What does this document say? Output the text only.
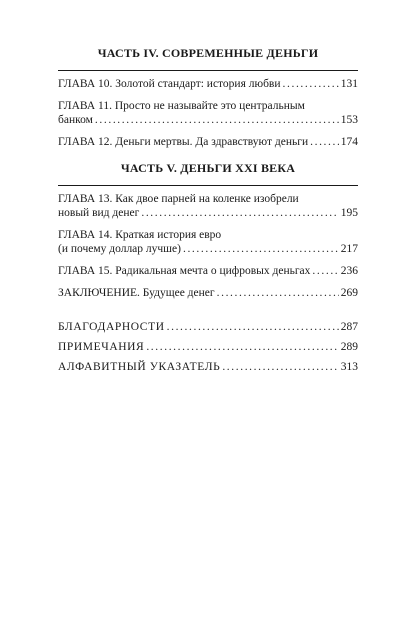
ЧАСТЬ IV. СОВРЕМЕННЫЕ ДЕНЬГИ
ГЛАВА 10. Золотой стандарт: история любви .....	131
ГЛАВА 11. Просто не называйте это центральным
банком .....	153
ГЛАВА 12. Деньги мертвы. Да здравствуют деньги .....	174
ЧАСТЬ V. ДЕНЬГИ XXI ВЕКА
ГЛАВА 13. Как двое парней на коленке изобрели
новый вид денег .....	195
ГЛАВА 14. Краткая история евро
(и почему доллар лучше) .....	217
ГЛАВА 15. Радикальная мечта о цифровых деньгах .....	236
ЗАКЛЮЧЕНИЕ. Будущее денег .....	269
БЛАГОДАРНОСТИ .....	287
ПРИМЕЧАНИЯ .....	289
АЛФАВИТНЫЙ УКАЗАТЕЛЬ .....	313
